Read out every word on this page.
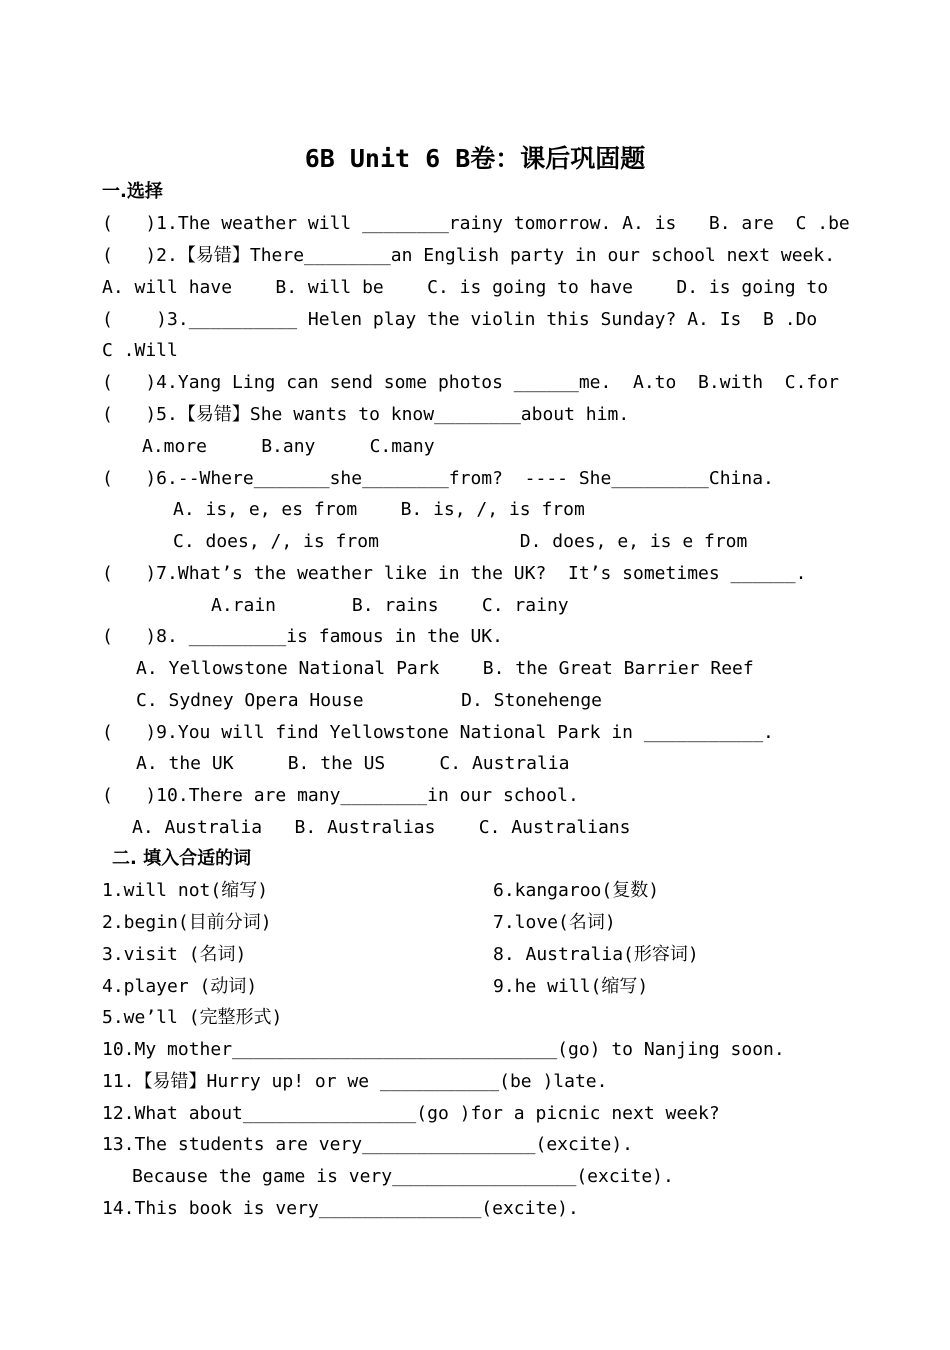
6B Unit 6 B卷：课后巩固题
一.选择
(   )1.The weather will ________rainy tomorrow. A. is   B. are  C .be
(   )2.【易错】There________an English party in our school next week.
A. will have    B. will be    C. is going to have    D. is going to
(    )3.__________ Helen play the violin this Sunday? A. Is  B .Do
C .Will
(   )4.Yang Ling can send some photos ______me.  A.to  B.with  C.for
(   )5.【易错】She wants to know________about him.
A.more     B.any     C.many
(   )6.--Where_______she________from?  ---- She_________China.
A. is, e, es from    B. is, /, is from
C. does, /, is from             D. does, e, is e from
(   )7.What’s the weather like in the UK?  It’s sometimes ______.
A.rain       B. rains    C. rainy
(   )8. _________is famous in the UK.
A. Yellowstone National Park    B. the Great Barrier Reef
C. Sydney Opera House         D. Stonehenge
(   )9.You will find Yellowstone National Park in ___________.
A. the UK     B. the US     C. Australia
(   )10.There are many________in our school.
A. Australia   B. Australias    C. Australians
二. 填入合适的词
1.will not(缩写)	6.kangaroo(复数)
2.begin(目前分词)	7.love(名词)
3.visit (名词)	8. Australia(形容词)
4.player (动词)	9.he will(缩写)
5.we’ll (完整形式)
10.My mother______________________________(go) to Nanjing soon.
11.【易错】Hurry up! or we ___________(be )late.
12.What about________________(go )for a picnic next week?
13.The students are very________________(excite).
Because the game is very_________________(excite).
14.This book is very_______________(excite).
